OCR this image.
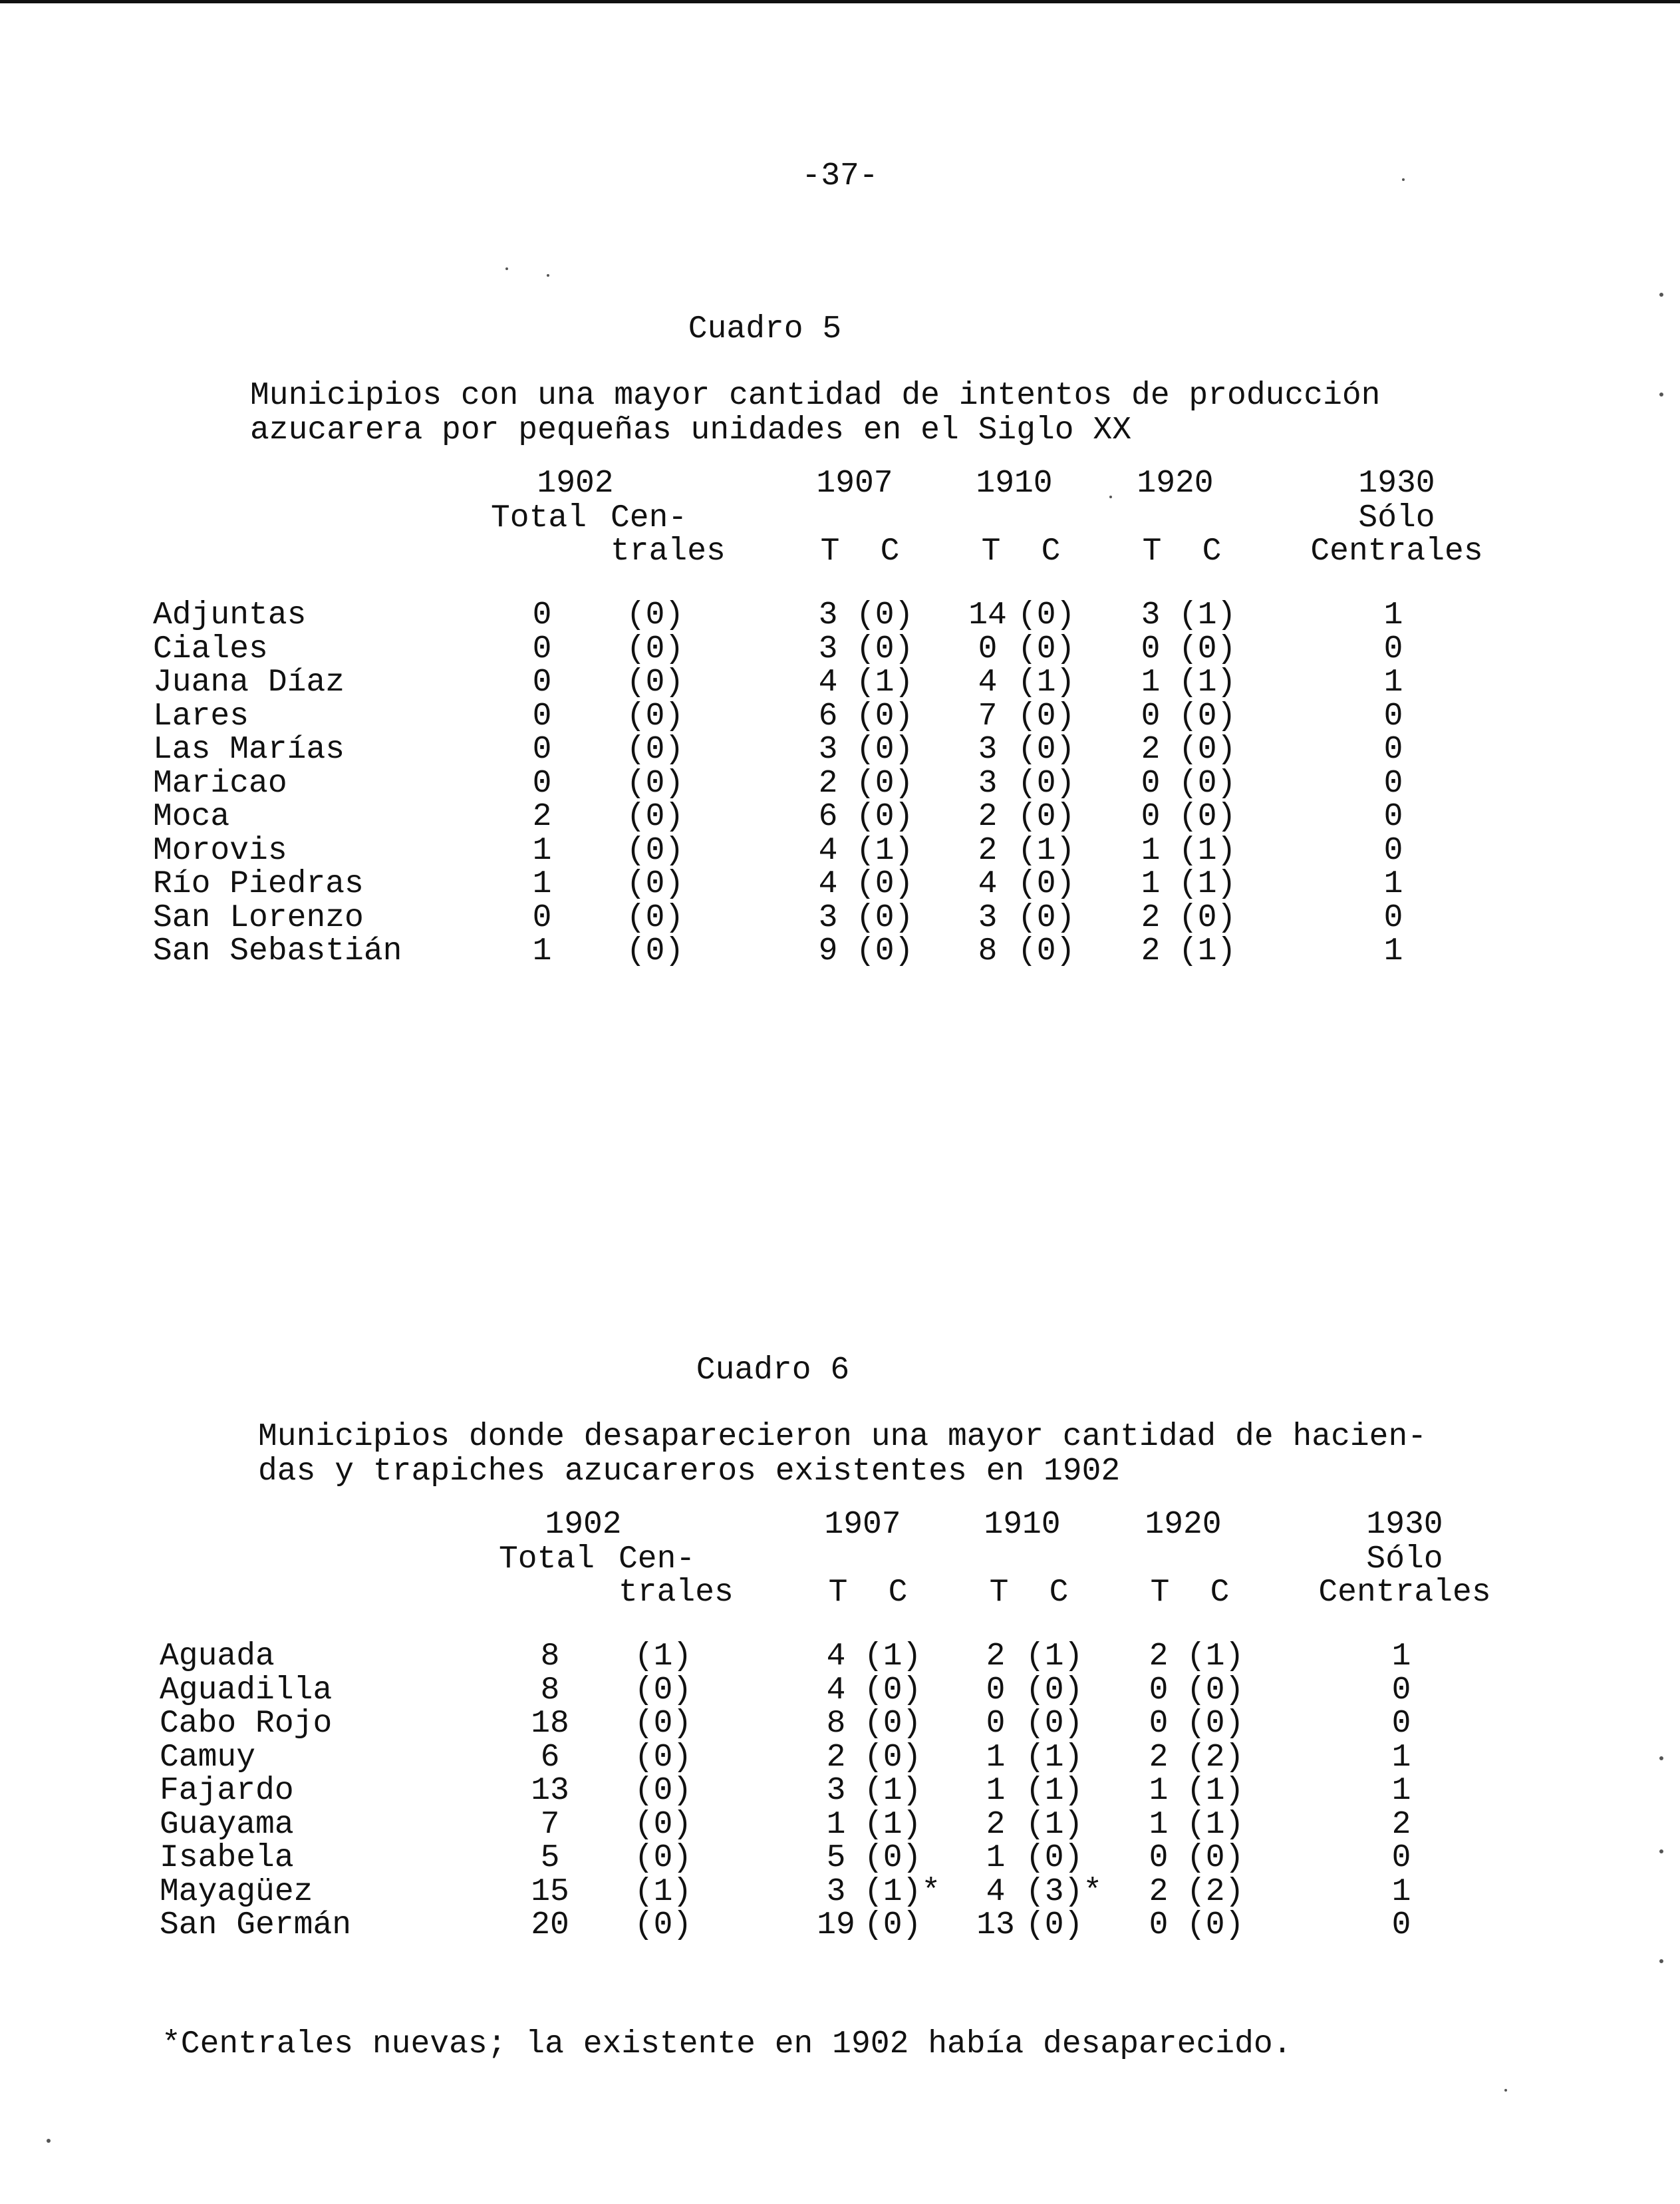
-37-
Cuadro 5
Municipios con una mayor cantidad de intentos de producción
azucarera por pequeñas unidades en el Siglo XX
1902
Total Cen-
trales
1907	1910	1920	1930
Sólo
Centrales
T C	T C	T C
Adjuntas	0	(0)	3 (0)	14 (0)	3 (1)	1
Ciales	0	(0)	3 (0)	0 (0)	0 (0)	0
Juana Díaz	0	(0)	4 (1)	4 (1)	1 (1)	1
Lares	0	(0)	6 (0)	7 (0)	0 (0)	0
Las Marías	0	(0)	3 (0)	3 (0)	2 (0)	0
Maricao	0	(0)	2 (0)	3 (0)	0 (0)	0
Moca	2	(0)	6 (0)	2 (0)	0 (0)	0
Morovis	1	(0)	4 (1)	2 (1)	1 (1)	0
Río Piedras	1	(0)	4 (0)	4 (0)	1 (1)	1
San Lorenzo	0	(0)	3 (0)	3 (0)	2 (0)	0
San Sebastián	1	(0)	9 (0)	8 (0)	2 (1)	1
Cuadro 6
Municipios donde desaparecieron una mayor cantidad de hacien-
das y trapiches azucareros existentes en 1902
1902
Total Cen-
trales
1907	1910	1920	1930
Sólo
Centrales
T C	T C	T C
Aguada	8	(1)	4 (1)	2 (1)	2 (1)	1
Aguadilla	8	(0)	4 (0)	0 (0)	0 (0)	0
Cabo Rojo	18	(0)	8 (0)	0 (0)	0 (0)	0
Camuy	6	(0)	2 (0)	1 (1)	2 (2)	1
Fajardo	13	(0)	3 (1)	1 (1)	1 (1)	1
Guayama	7	(0)	1 (1)	2 (1)	1 (1)	2
Isabela	5	(0)	5 (0)	1 (0)	0 (0)	0
Mayagüez	15	(1)	3 (1)*	4 (3)*	2 (2)	1
San Germán	20	(0)	19 (0)	13 (0)	0 (0)	0
*Centrales nuevas; la existente en 1902 había desaparecido.
